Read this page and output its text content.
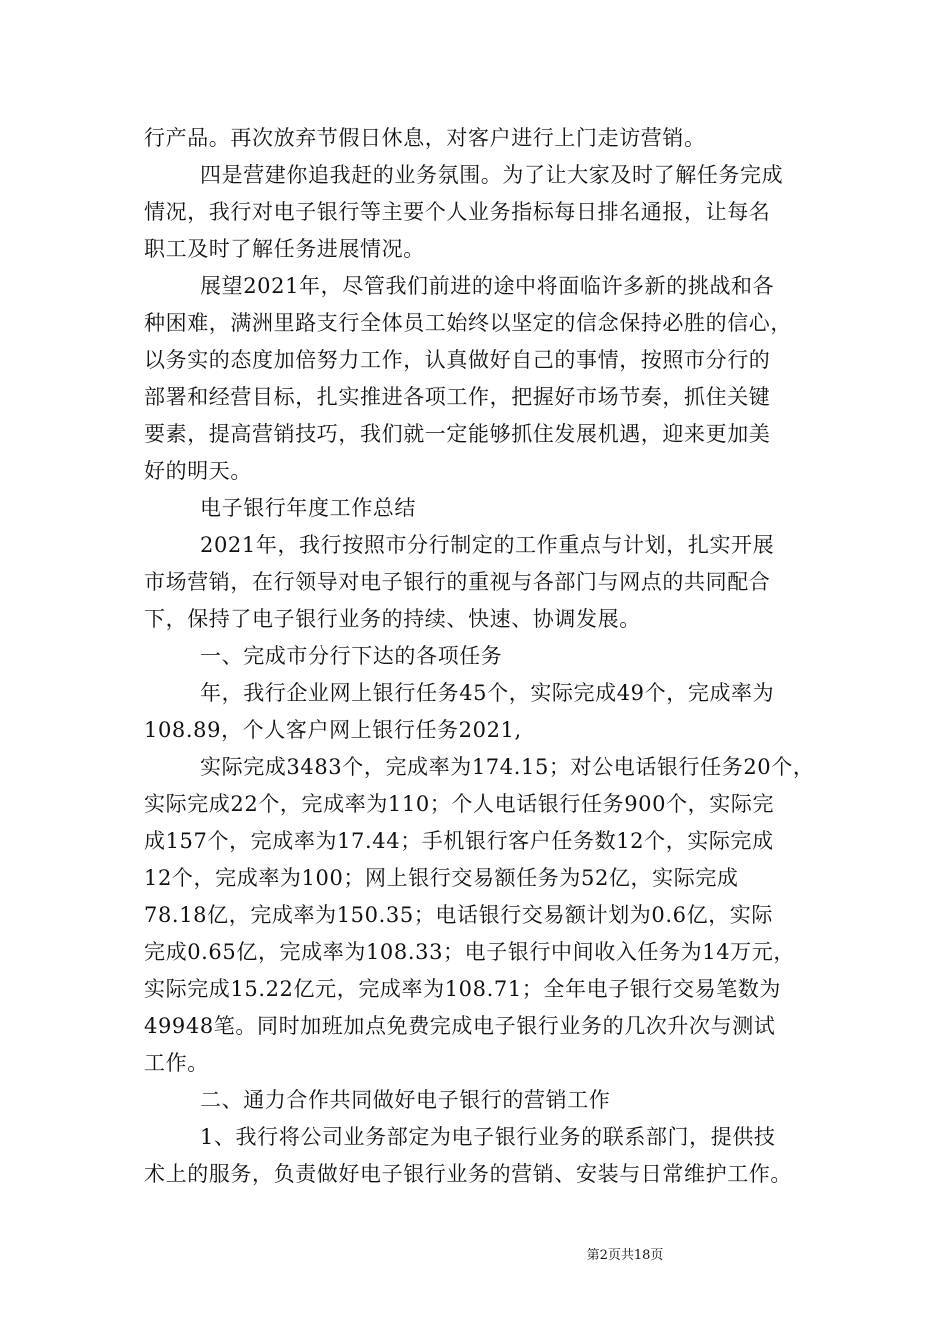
行产品。再次放弃节假日休息，对客户进行上门走访营销。
四是营建你追我赶的业务氛围。为了让大家及时了解任务完成
情况，我行对电子银行等主要个人业务指标每日排名通报，让每名
职工及时了解任务进展情况。
展望2021年，尽管我们前进的途中将面临许多新的挑战和各
种困难，满洲里路支行全体员工始终以坚定的信念保持必胜的信心，
以务实的态度加倍努力工作，认真做好自己的事情，按照市分行的
部署和经营目标，扎实推进各项工作，把握好市场节奏，抓住关键
要素，提高营销技巧，我们就一定能够抓住发展机遇，迎来更加美
好的明天。
电子银行年度工作总结
2021年，我行按照市分行制定的工作重点与计划，扎实开展
市场营销，在行领导对电子银行的重视与各部门与网点的共同配合
下，保持了电子银行业务的持续、快速、协调发展。
一、完成市分行下达的各项任务
年，我行企业网上银行任务45个，实际完成49个，完成率为
108.89，个人客户网上银行任务2021,
实际完成3483个，完成率为174.15；对公电话银行任务20个，
实际完成22个，完成率为110；个人电话银行任务900个，实际完
成157个，完成率为17.44；手机银行客户任务数12个，实际完成
12个，完成率为100；网上银行交易额任务为52亿，实际完成
78.18亿，完成率为150.35；电话银行交易额计划为0.6亿，实际
完成0.65亿，完成率为108.33；电子银行中间收入任务为14万元，
实际完成15.22亿元，完成率为108.71；全年电子银行交易笔数为
49948笔。同时加班加点免费完成电子银行业务的几次升次与测试
工作。
二、通力合作共同做好电子银行的营销工作
1、我行将公司业务部定为电子银行业务的联系部门，提供技
术上的服务，负责做好电子银行业务的营销、安装与日常维护工作。
第2页共18页
